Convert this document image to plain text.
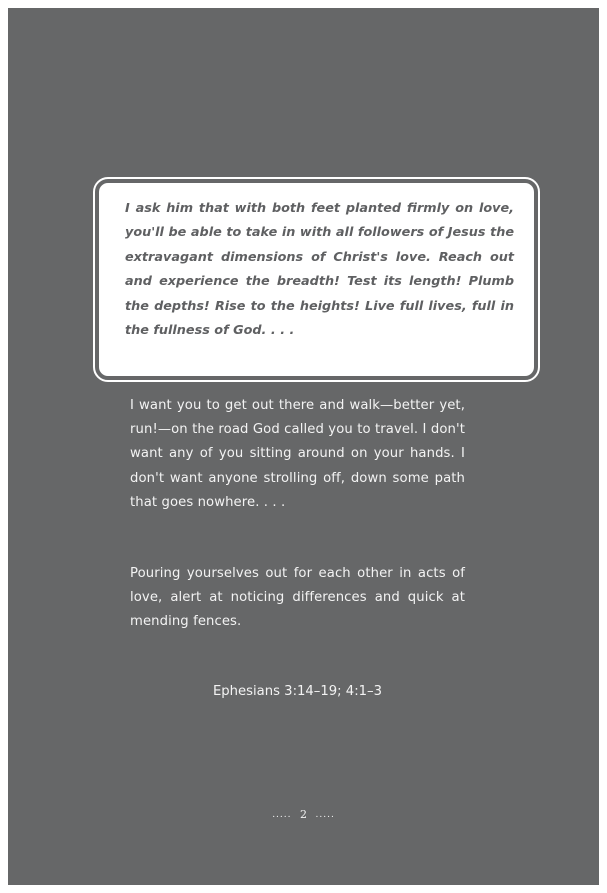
I ask him that with both feet planted firmly on love, you'll be able to take in with all followers of Jesus the extravagant dimensions of Christ's love. Reach out and experience the breadth! Test its length! Plumb the depths! Rise to the heights! Live full lives, full in the fullness of God. . . .

I want you to get out there and walk—better yet, run!—on the road God called you to travel. I don't want any of you sitting around on your hands. I don't want anyone strolling off, down some path that goes nowhere. . . .

Pouring yourselves out for each other in acts of love, alert at noticing differences and quick at mending fences.

Ephesians 3:14–19; 4:1–3

..... 2 .....
